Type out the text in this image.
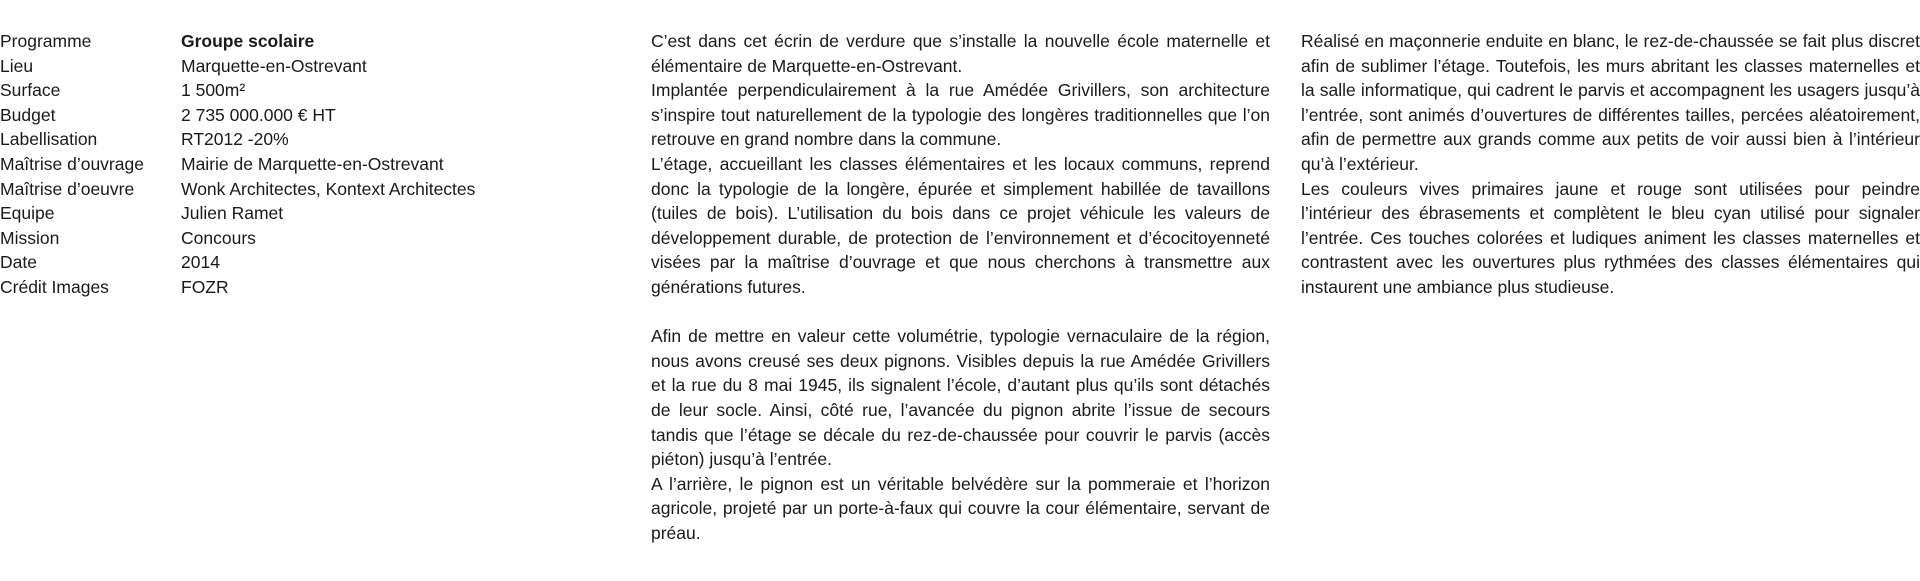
Programme	Groupe scolaire
Lieu	Marquette-en-Ostrevant
Surface	1 500m²
Budget	2 735 000.000 € HT
Labellisation	RT2012 -20%
Maîtrise d’ouvrage	Mairie de Marquette-en-Ostrevant
Maîtrise d’oeuvre	Wonk Architectes, Kontext Architectes
Equipe	Julien Ramet
Mission	Concours
Date	2014
Crédit Images	FOZR

C’est dans cet écrin de verdure que s’installe la nouvelle école maternelle et élémentaire de Marquette-en-Ostrevant.

Implantée perpendiculairement à la rue Amédée Grivillers, son architecture s’inspire tout naturellement de la typologie des longères traditionnelles que l’on retrouve en grand nombre dans la commune.

L’étage, accueillant les classes élémentaires et les locaux communs, reprend donc la typologie de la longère, épurée et simplement habillée de tavaillons (tuiles de bois). L’utilisation du bois dans ce projet véhicule les valeurs de développement durable, de protection de l’environnement et d’écocitoyenneté visées par la maîtrise d’ouvrage et que nous cherchons à transmettre aux générations futures.

Afin de mettre en valeur cette volumétrie, typologie vernaculaire de la région, nous avons creusé ses deux pignons. Visibles depuis la rue Amédée Grivillers et la rue du 8 mai 1945, ils signalent l’école, d’autant plus qu’ils sont détachés de leur socle. Ainsi, côté rue, l’avancée du pignon abrite l’issue de secours tandis que l’étage se décale du rez-de-chaussée pour couvrir le parvis (accès piéton) jusqu’à l’entrée.

A l’arrière, le pignon est un véritable belvédère sur la pommeraie et l’horizon agricole, projeté par un porte-à-faux qui couvre la cour élémentaire, servant de préau.

Réalisé en maçonnerie enduite en blanc, le rez-de-chaussée se fait plus discret afin de sublimer l’étage. Toutefois, les murs abritant les classes maternelles et la salle informatique, qui cadrent le parvis et accompagnent les usagers jusqu’à l’entrée, sont animés d’ouvertures de différentes tailles, percées aléatoirement, afin de permettre aux grands comme aux petits de voir aussi bien à l’intérieur qu’à l’extérieur.

Les couleurs vives primaires jaune et rouge sont utilisées pour peindre l’intérieur des ébrasements et complètent le bleu cyan utilisé pour signaler l’entrée. Ces touches colorées et ludiques animent les classes maternelles et contrastent avec les ouvertures plus rythmées des classes élémentaires qui instaurent une ambiance plus studieuse.
